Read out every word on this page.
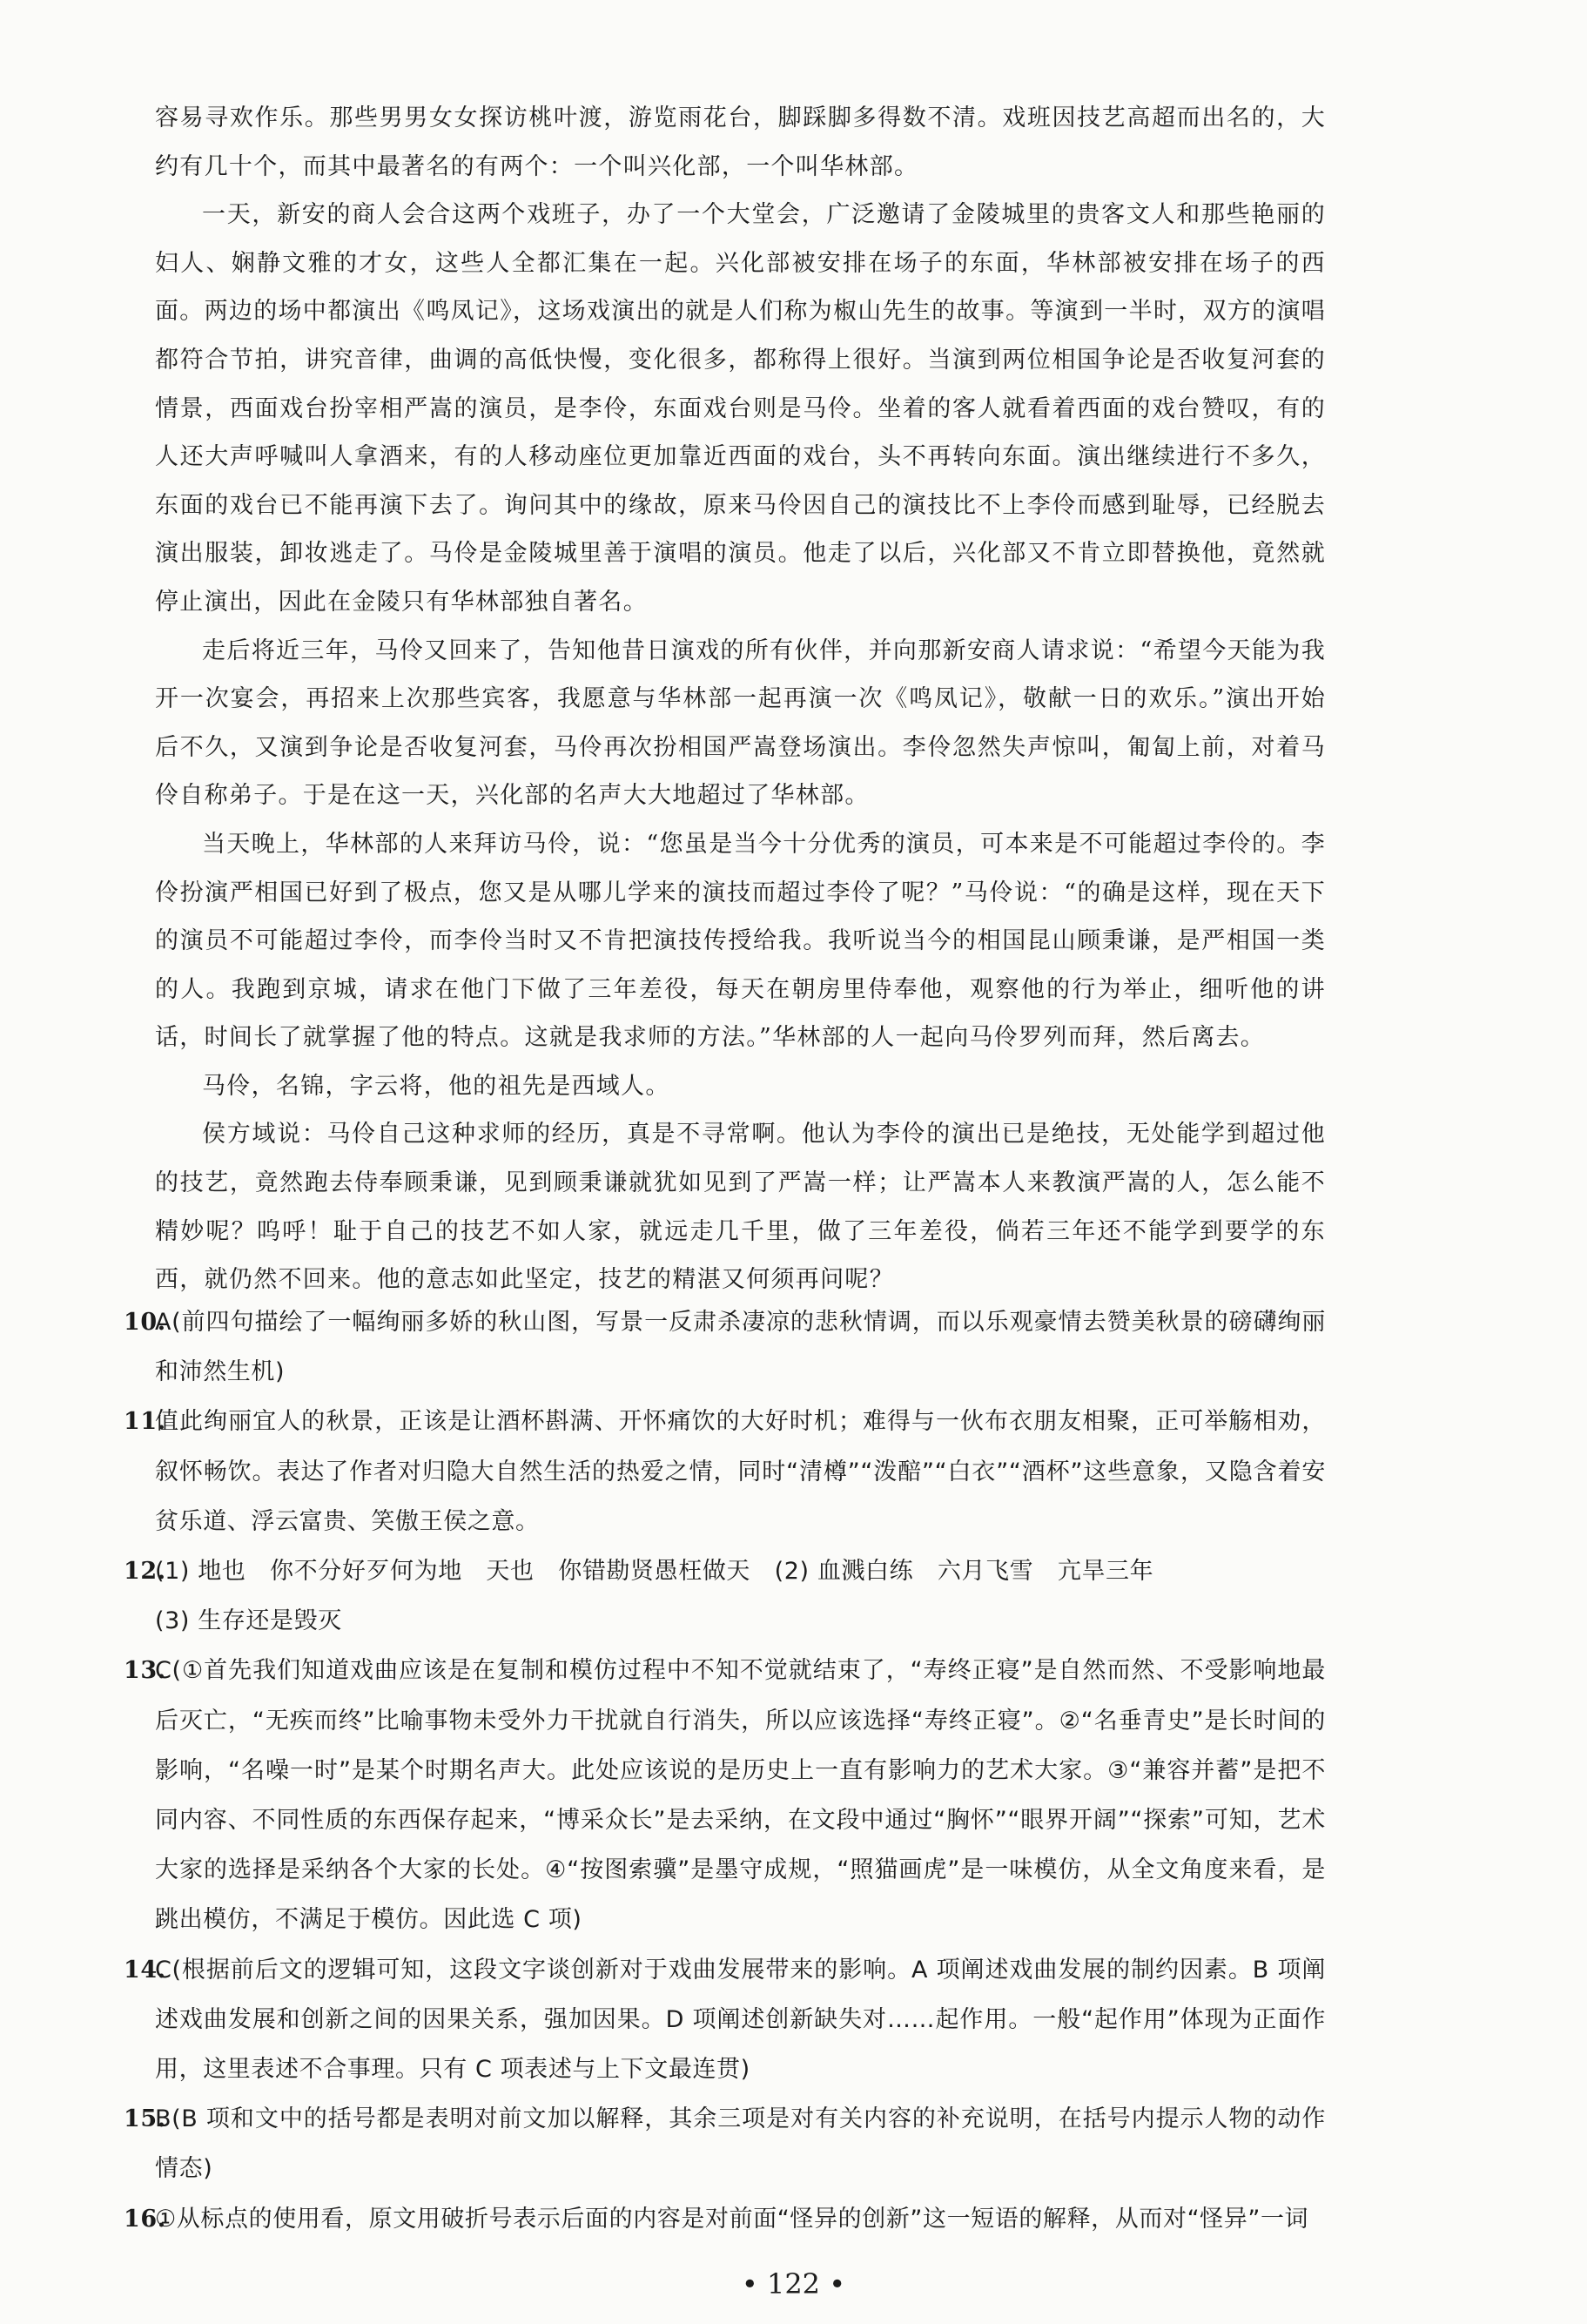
容易寻欢作乐。那些男男女女探访桃叶渡，游览雨花台，脚踩脚多得数不清。戏班因技艺高超而出名的，大约有几十个，而其中最著名的有两个：一个叫兴化部，一个叫华林部。

一天，新安的商人会合这两个戏班子，办了一个大堂会，广泛邀请了金陵城里的贵客文人和那些艳丽的妇人、娴静文雅的才女，这些人全都汇集在一起。兴化部被安排在场子的东面，华林部被安排在场子的西面。两边的场中都演出《鸣凤记》，这场戏演出的就是人们称为椒山先生的故事。等演到一半时，双方的演唱都符合节拍，讲究音律，曲调的高低快慢，变化很多，都称得上很好。当演到两位相国争论是否收复河套的情景，西面戏台扮宰相严嵩的演员，是李伶，东面戏台则是马伶。坐着的客人就看着西面的戏台赞叹，有的人还大声呼喊叫人拿酒来，有的人移动座位更加靠近西面的戏台，头不再转向东面。演出继续进行不多久，东面的戏台已不能再演下去了。询问其中的缘故，原来马伶因自己的演技比不上李伶而感到耻辱，已经脱去演出服装，卸妆逃走了。马伶是金陵城里善于演唱的演员。他走了以后，兴化部又不肯立即替换他，竟然就停止演出，因此在金陵只有华林部独自著名。

走后将近三年，马伶又回来了，告知他昔日演戏的所有伙伴，并向那新安商人请求说：“希望今天能为我开一次宴会，再招来上次那些宾客，我愿意与华林部一起再演一次《鸣凤记》，敬献一日的欢乐。”演出开始后不久，又演到争论是否收复河套，马伶再次扮相国严嵩登场演出。李伶忽然失声惊叫，匍匐上前，对着马伶自称弟子。于是在这一天，兴化部的名声大大地超过了华林部。

当天晚上，华林部的人来拜访马伶，说：“您虽是当今十分优秀的演员，可本来是不可能超过李伶的。李伶扮演严相国已好到了极点，您又是从哪儿学来的演技而超过李伶了呢？”马伶说：“的确是这样，现在天下的演员不可能超过李伶，而李伶当时又不肯把演技传授给我。我听说当今的相国昆山顾秉谦，是严相国一类的人。我跑到京城，请求在他门下做了三年差役，每天在朝房里侍奉他，观察他的行为举止，细听他的讲话，时间长了就掌握了他的特点。这就是我求师的方法。”华林部的人一起向马伶罗列而拜，然后离去。

马伶，名锦，字云将，他的祖先是西域人。

侯方域说：马伶自己这种求师的经历，真是不寻常啊。他认为李伶的演出已是绝技，无处能学到超过他的技艺，竟然跑去侍奉顾秉谦，见到顾秉谦就犹如见到了严嵩一样；让严嵩本人来教演严嵩的人，怎么能不精妙呢？呜呼！耻于自己的技艺不如人家，就远走几千里，做了三年差役，倘若三年还不能学到要学的东西，就仍然不回来。他的意志如此坚定，技艺的精湛又何须再问呢？

10.
A(前四句描绘了一幅绚丽多娇的秋山图，写景一反肃杀凄凉的悲秋情调，而以乐观豪情去赞美秋景的磅礴绚丽和沛然生机)
11.
值此绚丽宜人的秋景，正该是让酒杯斟满、开怀痛饮的大好时机；难得与一伙布衣朋友相聚，正可举觞相劝，叙怀畅饮。表达了作者对归隐大自然生活的热爱之情，同时“清樽”“泼醅”“白衣”“酒杯”这些意象，又隐含着安贫乐道、浮云富贵、笑傲王侯之意。
12.
(1) 地也　你不分好歹何为地　天也　你错勘贤愚枉做天　(2) 血溅白练　六月飞雪　亢旱三年
(3) 生存还是毁灭
13.
C(①首先我们知道戏曲应该是在复制和模仿过程中不知不觉就结束了，“寿终正寝”是自然而然、不受影响地最后灭亡，“无疾而终”比喻事物未受外力干扰就自行消失，所以应该选择“寿终正寝”。②“名垂青史”是长时间的影响，“名噪一时”是某个时期名声大。此处应该说的是历史上一直有影响力的艺术大家。③“兼容并蓄”是把不同内容、不同性质的东西保存起来，“博采众长”是去采纳，在文段中通过“胸怀”“眼界开阔”“探索”可知，艺术大家的选择是采纳各个大家的长处。④“按图索骥”是墨守成规，“照猫画虎”是一味模仿，从全文角度来看，是跳出模仿，不满足于模仿。因此选 C 项)
14.
C(根据前后文的逻辑可知，这段文字谈创新对于戏曲发展带来的影响。A 项阐述戏曲发展的制约因素。B 项阐述戏曲发展和创新之间的因果关系，强加因果。D 项阐述创新缺失对……起作用。一般“起作用”体现为正面作用，这里表述不合事理。只有 C 项表述与上下文最连贯)
15.
B(B 项和文中的括号都是表明对前文加以解释，其余三项是对有关内容的补充说明，在括号内提示人物的动作情态)
16.
①从标点的使用看，原文用破折号表示后面的内容是对前面“怪异的创新”这一短语的解释，从而对“怪异”一词
• 122 •
